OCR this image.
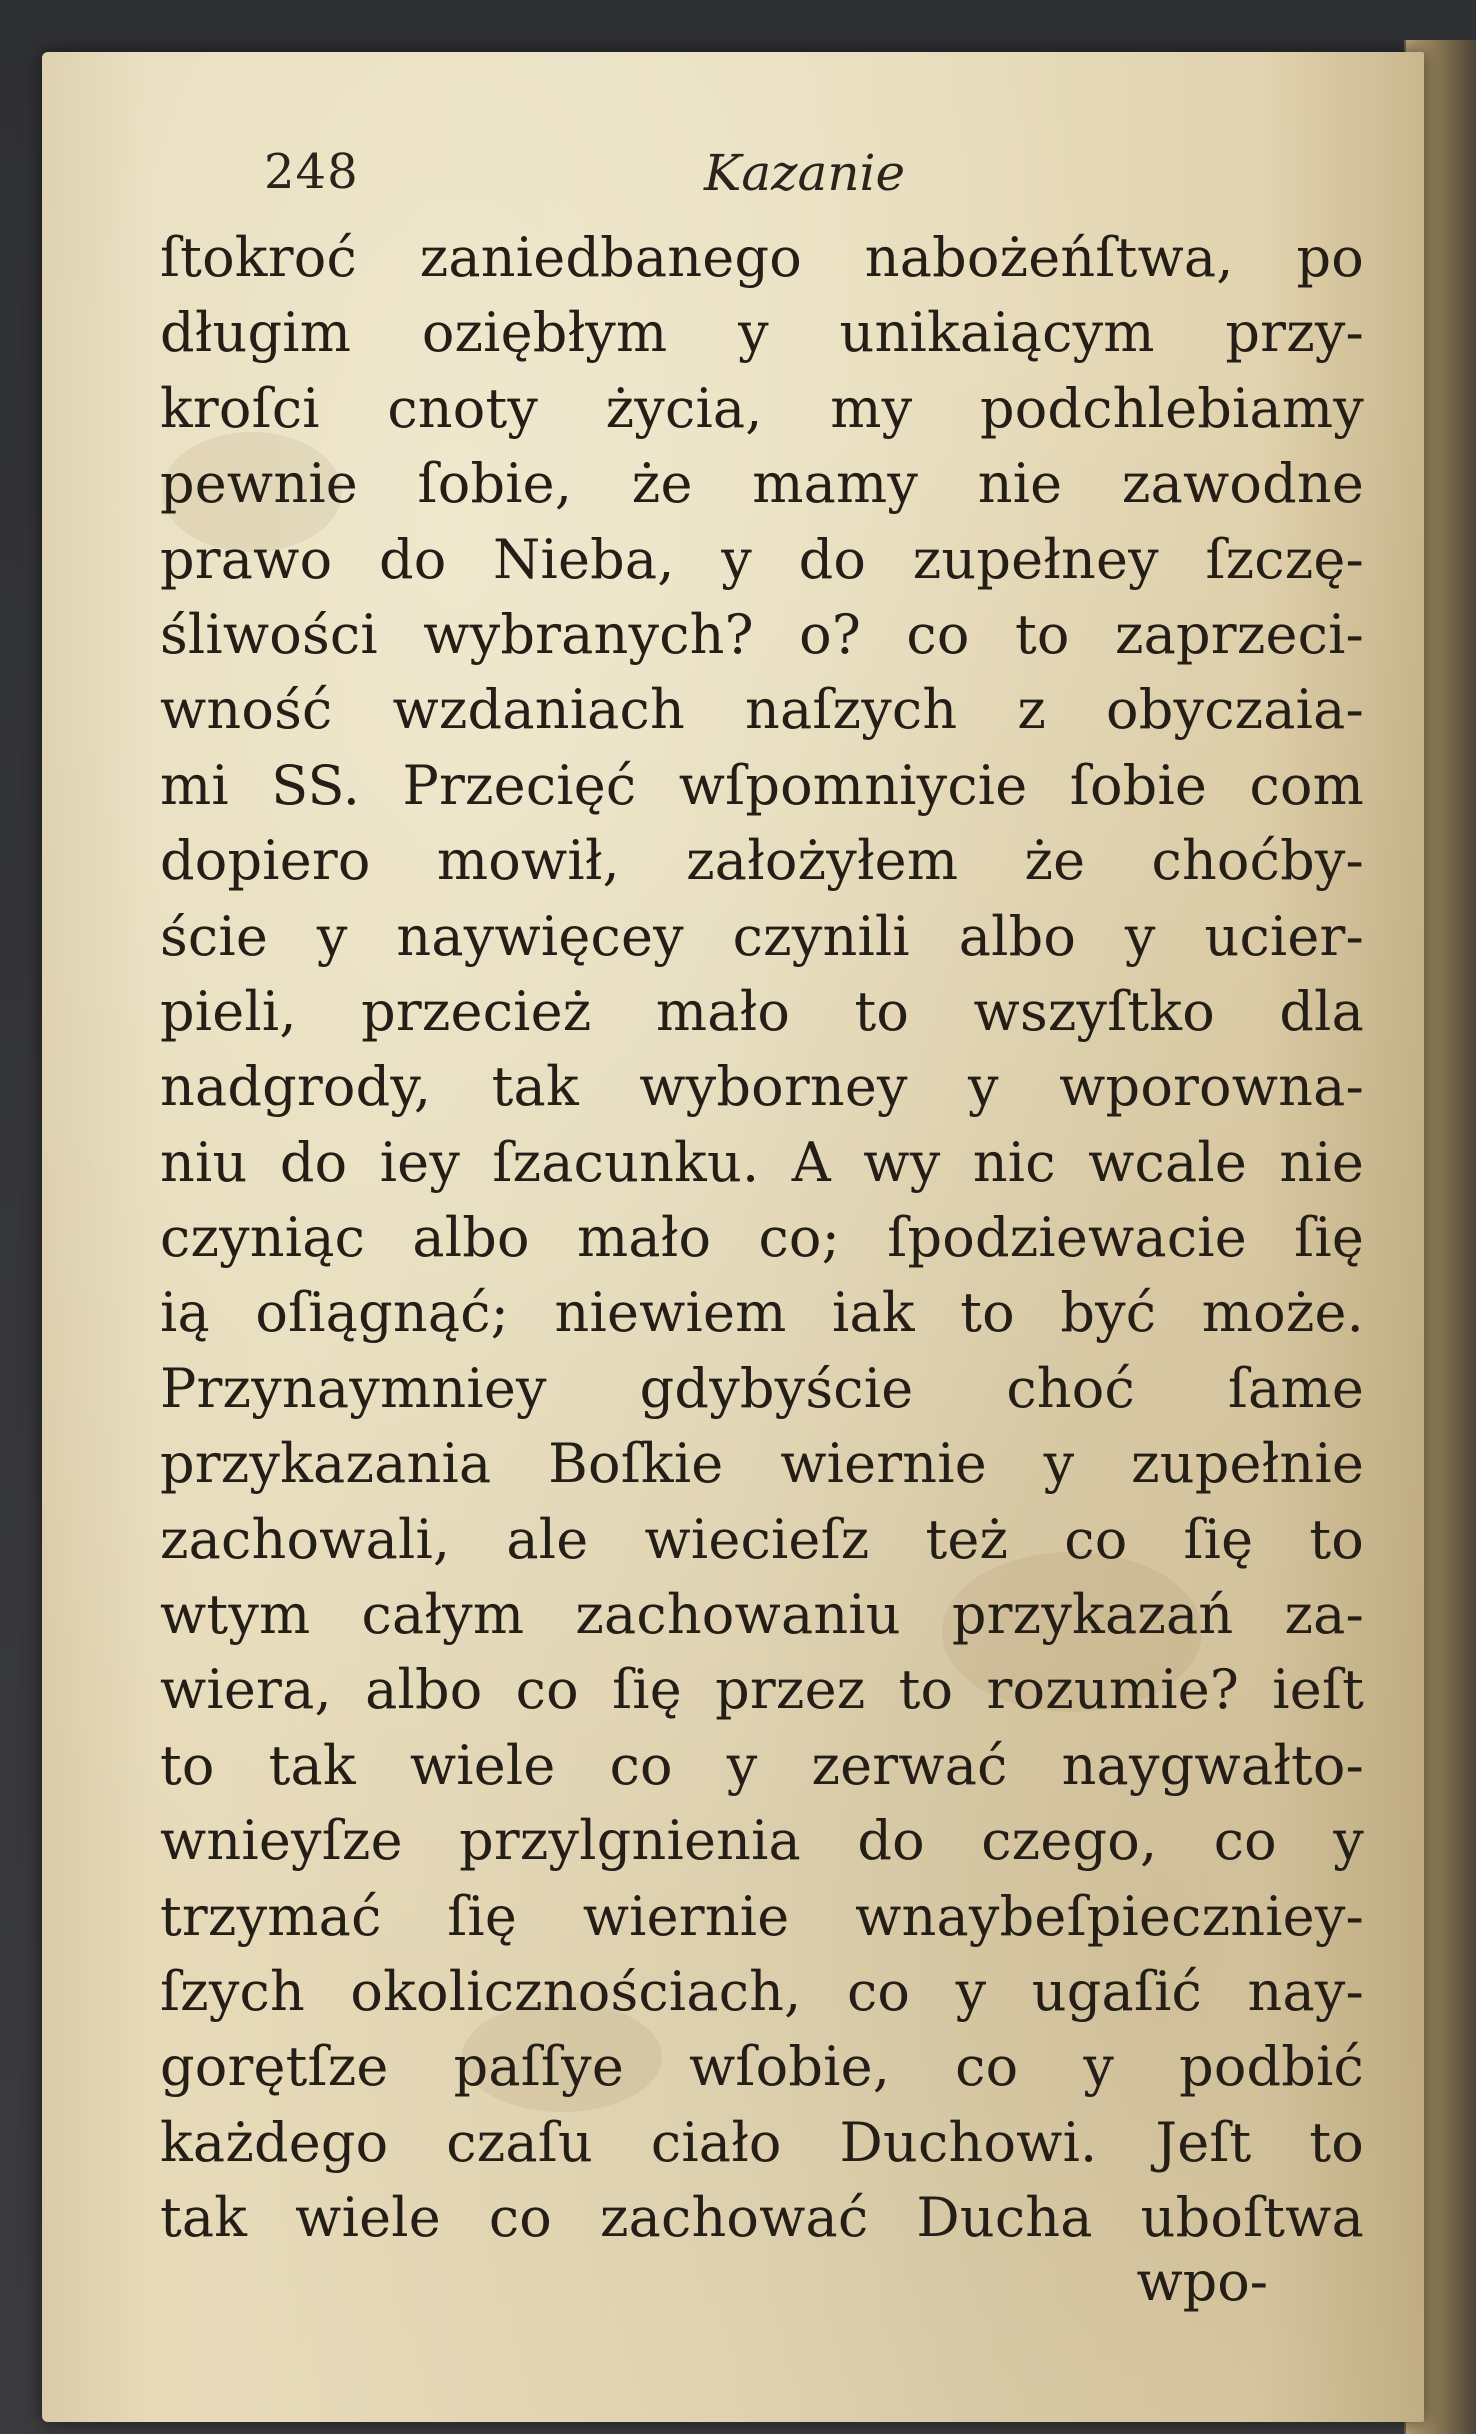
248	Kazanie
ſtokroć zaniedbanego nabożeńſtwa, po
długim oziębłym y unikaiącym przy-
kroſci cnoty życia, my podchlebiamy
pewnie ſobie, że mamy nie zawodne
prawo do Nieba, y do zupełney ſzczę-
śliwości wybranych? o? co to zaprzeci-
wność wzdaniach naſzych z obyczaia-
mi SS. Przecięć wſpomniycie ſobie com
dopiero mowił, założyłem że choćby-
ście y naywięcey czynili albo y ucier-
pieli, przecież mało to wszyſtko dla
nadgrody, tak wyborney y wporowna-
niu do iey ſzacunku. A wy nic wcale nie
czyniąc albo mało co; ſpodziewacie ſię
ią oſiągnąć; niewiem iak to być może.
Przynaymniey gdybyście choć ſame
przykazania Boſkie wiernie y zupełnie
zachowali, ale wiecieſz też co ſię to
wtym całym zachowaniu przykazań za-
wiera, albo co ſię przez to rozumie? ieſt
to tak wiele co y zerwać naygwałto-
wnieyſze przylgnienia do czego, co y
trzymać ſię wiernie wnaybeſpieczniey-
ſzych okolicznościach, co y ugaſić nay-
gorętſze paſſye wſobie, co y podbić
każdego czaſu ciało Duchowi. Jeſt to
tak wiele co zachować Ducha uboſtwa
wpo-
